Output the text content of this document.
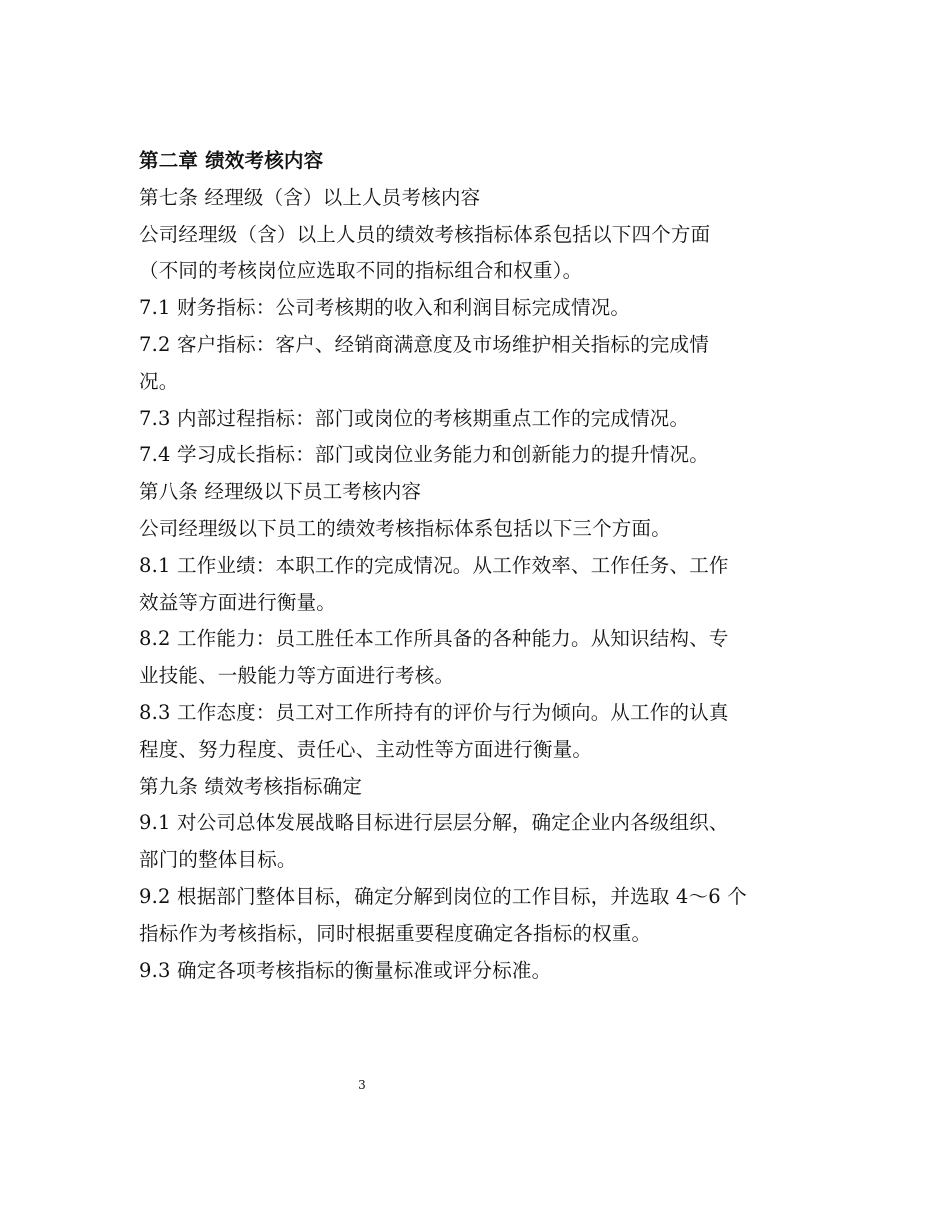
第二章 绩效考核内容
第七条 经理级（含）以上人员考核内容
公司经理级（含）以上人员的绩效考核指标体系包括以下四个方面
（不同的考核岗位应选取不同的指标组合和权重）。
7.1 财务指标：公司考核期的收入和利润目标完成情况。
7.2 客户指标：客户、经销商满意度及市场维护相关指标的完成情
况。
7.3 内部过程指标：部门或岗位的考核期重点工作的完成情况。
7.4 学习成长指标：部门或岗位业务能力和创新能力的提升情况。
第八条 经理级以下员工考核内容
公司经理级以下员工的绩效考核指标体系包括以下三个方面。
8.1 工作业绩：本职工作的完成情况。从工作效率、工作任务、工作
效益等方面进行衡量。
8.2 工作能力：员工胜任本工作所具备的各种能力。从知识结构、专
业技能、一般能力等方面进行考核。
8.3 工作态度：员工对工作所持有的评价与行为倾向。从工作的认真
程度、努力程度、责任心、主动性等方面进行衡量。
第九条 绩效考核指标确定
9.1 对公司总体发展战略目标进行层层分解，确定企业内各级组织、
部门的整体目标。
9.2 根据部门整体目标，确定分解到岗位的工作目标，并选取 4～6 个
指标作为考核指标，同时根据重要程度确定各指标的权重。
9.3 确定各项考核指标的衡量标准或评分标准。
3
